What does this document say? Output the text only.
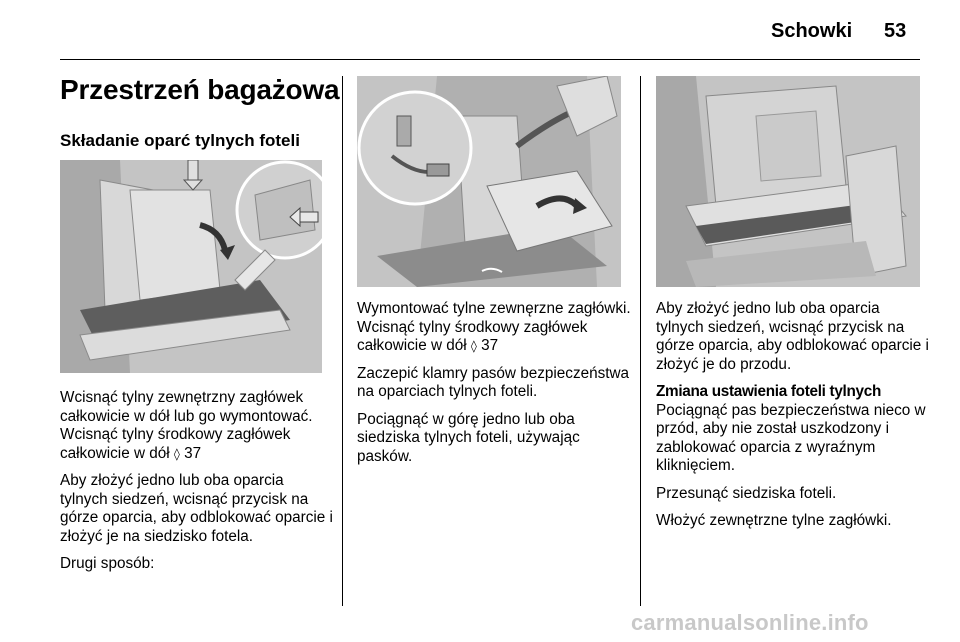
Schowki 53
Przestrzeń bagażowa
Składanie oparć tylnych foteli

Wcisnąć tylny zewnętrzny zagłówek całkowicie w dół lub go wymontować. Wcisnąć tylny środkowy zagłówek całkowicie w dół ◊ 37

Aby złożyć jedno lub oba oparcia tylnych siedzeń, wcisnąć przycisk na górze oparcia, aby odblokować oparcie i złożyć je na siedzisko fotela.

Drugi sposób:

Wymontować tylne zewnęrzne zagłówki. Wcisnąć tylny środkowy zagłówek całkowicie w dół ◊ 37

Zaczepić klamry pasów bezpieczeństwa na oparciach tylnych foteli.

Pociągnąć w górę jedno lub oba siedziska tylnych foteli, używając pasków.

Aby złożyć jedno lub oba oparcia tylnych siedzeń, wcisnąć przycisk na górze oparcia, aby odblokować oparcie i złożyć je do przodu.

Zmiana ustawienia foteli tylnych

Pociągnąć pas bezpieczeństwa nieco w przód, aby nie został uszkodzony i zablokować oparcia z wyraźnym kliknięciem.

Przesunąć siedziska foteli.

Włożyć zewnętrzne tylne zagłówki.

carmanualsonline.info
